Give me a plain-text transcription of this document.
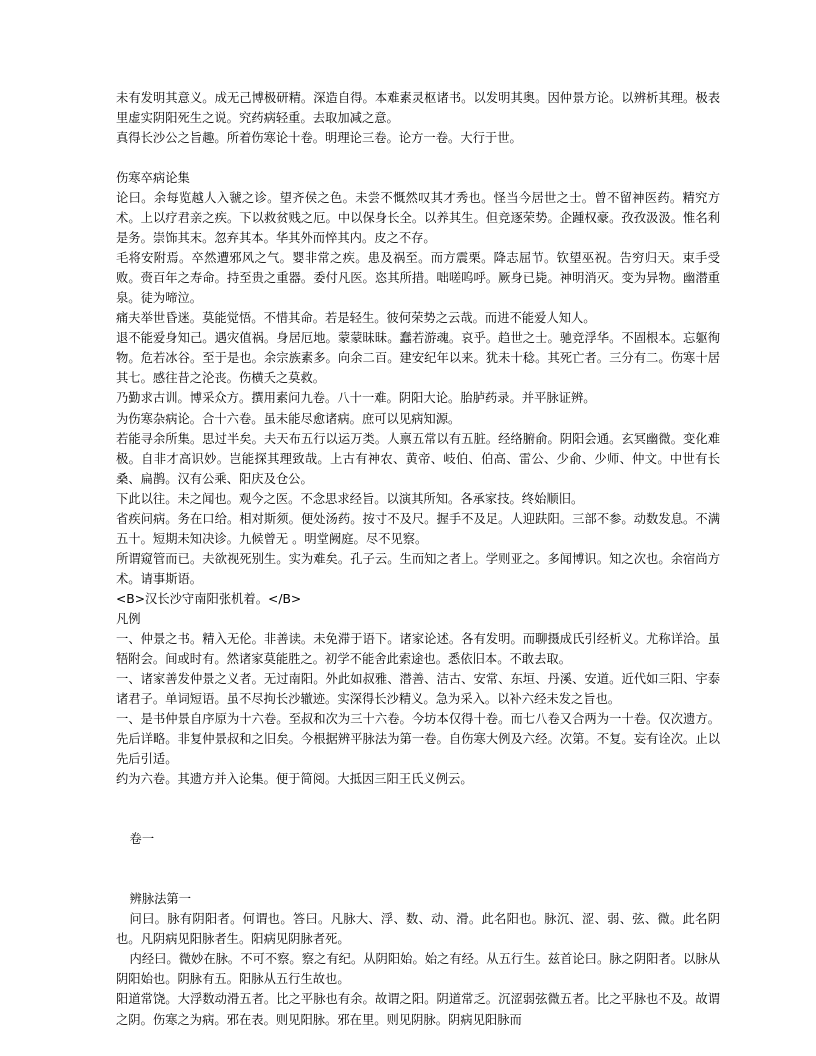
未有发明其意义。成无己博极研精。深造自得。本难素灵枢诸书。以发明其奥。因仲景方论。以辨析其理。极表里虚实阴阳死生之说。究药病轻重。去取加减之意。

真得长沙公之旨趣。所着伤寒论十卷。明理论三卷。论方一卷。大行于世。

伤寒卒病论集

论曰。余每览越人入虢之诊。望齐侯之色。未尝不慨然叹其才秀也。怪当今居世之士。曾不留神医药。精究方术。上以疗君亲之疾。下以救贫贱之厄。中以保身长全。以养其生。但竞逐荣势。企踵权豪。孜孜汲汲。惟名利是务。崇饰其末。忽弃其本。华其外而悴其内。皮之不存。

毛将安附焉。卒然遭邪风之气。婴非常之疾。患及祸至。而方震栗。降志屈节。钦望巫祝。告穷归天。束手受败。赍百年之寿命。持至贵之重器。委付凡医。恣其所措。咄嗟呜呼。厥身已毙。神明消灭。变为异物。幽潜重泉。徒为啼泣。

痛夫举世昏迷。莫能觉悟。不惜其命。若是轻生。彼何荣势之云哉。而进不能爱人知人。

退不能爱身知己。遇灾值祸。身居厄地。蒙蒙昧昧。蠢若游魂。哀乎。趋世之士。驰竞浮华。不固根本。忘躯徇物。危若冰谷。至于是也。余宗族素多。向余二百。建安纪年以来。犹未十稔。其死亡者。三分有二。伤寒十居其七。感往昔之沦丧。伤横夭之莫救。

乃勤求古训。博采众方。撰用素问九卷。八十一难。阴阳大论。胎胪药录。并平脉证辨。

为伤寒杂病论。合十六卷。虽未能尽愈诸病。庶可以见病知源。

若能寻余所集。思过半矣。夫天布五行以运万类。人禀五常以有五脏。经络腑俞。阴阳会通。玄冥幽微。变化难极。自非才高识妙。岂能探其理致哉。上古有神农、黄帝、岐伯、伯高、雷公、少俞、少师、仲文。中世有长桑、扁鹊。汉有公乘、阳庆及仓公。

下此以往。未之闻也。观今之医。不念思求经旨。以演其所知。各承家技。终始顺旧。

省疾问病。务在口给。相对斯须。便处汤药。按寸不及尺。握手不及足。人迎趺阳。三部不参。动数发息。不满五十。短期未知决诊。九候曾无 。明堂阙庭。尽不见察。

所谓窥管而已。夫欲视死别生。实为难矣。孔子云。生而知之者上。学则亚之。多闻博识。知之次也。余宿尚方术。请事斯语。

<B>汉长沙守南阳张机着。</B>

凡例

一、仲景之书。精入无伦。非善读。未免滞于语下。诸家论述。各有发明。而聊摄成氏引经析义。尤称详洽。虽牾附会。间或时有。然诸家莫能胜之。初学不能舍此索途也。悉依旧本。不敢去取。

一、诸家善发仲景之义者。无过南阳。外此如叔雅、潜善、洁古、安常、东垣、丹溪、安道。近代如三阳、宇泰诸君子。单词短语。虽不尽拘长沙辙迹。实深得长沙精义。急为采入。以补六经未发之旨也。

一、是书仲景自序原为十六卷。至叔和次为三十六卷。今坊本仅得十卷。而七八卷又合两为一十卷。仅次遗方。先后详略。非复仲景叔和之旧矣。今根据辨平脉法为第一卷。自伤寒大例及六经。次第。不复。妄有诠次。止以先后引适。

约为六卷。其遗方并入论集。便于简阅。大抵因三阳王氏义例云。

卷一

辨脉法第一

问曰。脉有阴阳者。何谓也。答曰。凡脉大、浮、数、动、滑。此名阳也。脉沉、涩、弱、弦、微。此名阴也。凡阴病见阳脉者生。阳病见阴脉者死。

内经曰。微妙在脉。不可不察。察之有纪。从阴阳始。始之有经。从五行生。兹首论曰。脉之阴阳者。以脉从阴阳始也。阴脉有五。阳脉从五行生故也。

阳道常饶。大浮数动滑五者。比之平脉也有余。故谓之阳。阴道常乏。沉涩弱弦微五者。比之平脉也不及。故谓之阴。伤寒之为病。邪在表。则见阳脉。邪在里。则见阴脉。阴病见阳脉而
